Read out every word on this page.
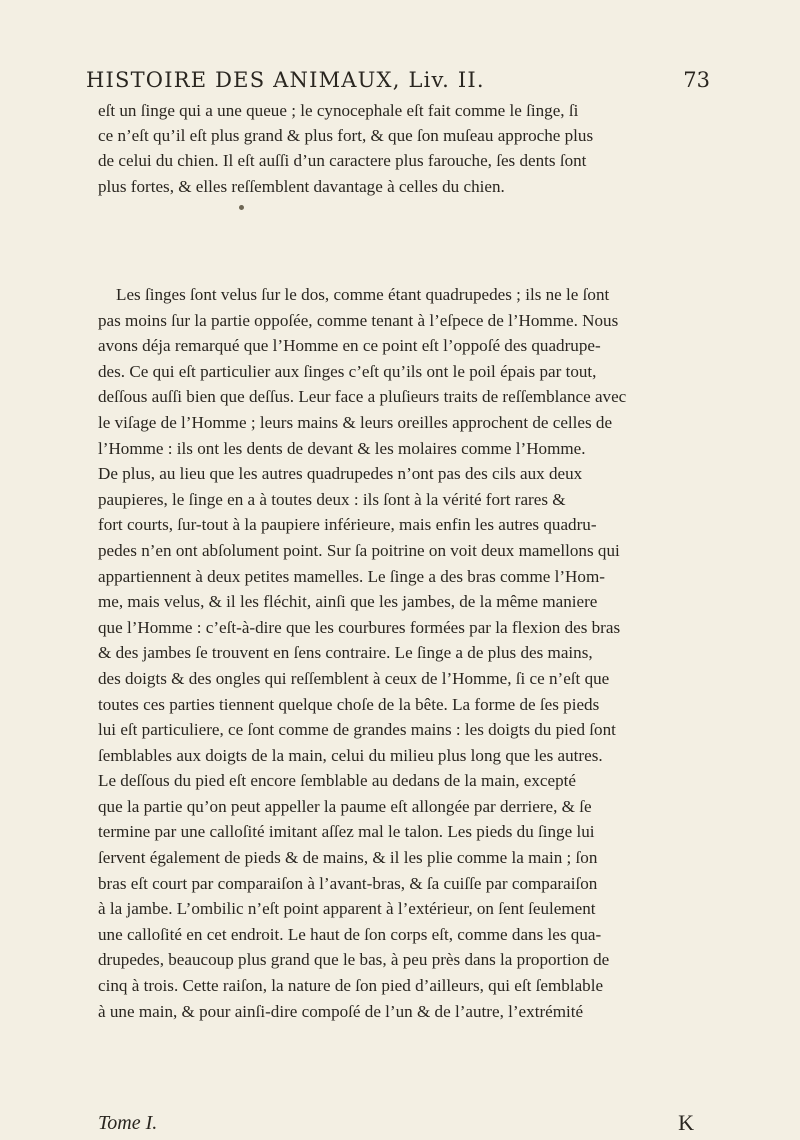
HISTOIRE DES ANIMAUX, Liv. II.	73

eſt un ſinge qui a une queue ; le cynocephale eſt fait comme le ſinge, ſi
ce n’eſt qu’il eſt plus grand & plus fort, & que ſon muſeau approche plus
de celui du chien. Il eſt auſſi d’un caractere plus farouche, ſes dents ſont
plus fortes, & elles reſſemblent davantage à celles du chien.

Les ſinges ſont velus ſur le dos, comme étant quadrupedes ; ils ne le ſont
pas moins ſur la partie oppoſée, comme tenant à l’eſpece de l’Homme. Nous
avons déja remarqué que l’Homme en ce point eſt l’oppoſé des quadrupe-
des. Ce qui eſt particulier aux ſinges c’eſt qu’ils ont le poil épais par tout,
deſſous auſſi bien que deſſus. Leur face a pluſieurs traits de reſſemblance avec
le viſage de l’Homme ; leurs mains & leurs oreilles approchent de celles de
l’Homme : ils ont les dents de devant & les molaires comme l’Homme.
De plus, au lieu que les autres quadrupedes n’ont pas des cils aux deux
paupieres, le ſinge en a à toutes deux : ils ſont à la vérité fort rares &
fort courts, ſur-tout à la paupiere inférieure, mais enfin les autres quadru-
pedes n’en ont abſolument point. Sur ſa poitrine on voit deux mamellons qui
appartiennent à deux petites mamelles. Le ſinge a des bras comme l’Hom-
me, mais velus, & il les fléchit, ainſi que les jambes, de la même maniere
que l’Homme : c’eſt-à-dire que les courbures formées par la flexion des bras
& des jambes ſe trouvent en ſens contraire. Le ſinge a de plus des mains,
des doigts & des ongles qui reſſemblent à ceux de l’Homme, ſi ce n’eſt que
toutes ces parties tiennent quelque choſe de la bête. La forme de ſes pieds
lui eſt particuliere, ce ſont comme de grandes mains : les doigts du pied ſont
ſemblables aux doigts de la main, celui du milieu plus long que les autres.
Le deſſous du pied eſt encore ſemblable au dedans de la main, excepté
que la partie qu’on peut appeller la paume eſt allongée par derriere, & ſe
termine par une calloſité imitant aſſez mal le talon. Les pieds du ſinge lui
ſervent également de pieds & de mains, & il les plie comme la main ; ſon
bras eſt court par comparaiſon à l’avant-bras, & ſa cuiſſe par comparaiſon
à la jambe. L’ombilic n’eſt point apparent à l’extérieur, on ſent ſeulement
une calloſité en cet endroit. Le haut de ſon corps eſt, comme dans les qua-
drupedes, beaucoup plus grand que le bas, à peu près dans la proportion de
cinq à trois. Cette raiſon, la nature de ſon pied d’ailleurs, qui eſt ſemblable
à une main, & pour ainſi-dire compoſé de l’un & de l’autre, l’extrémité

Tome I.	K
